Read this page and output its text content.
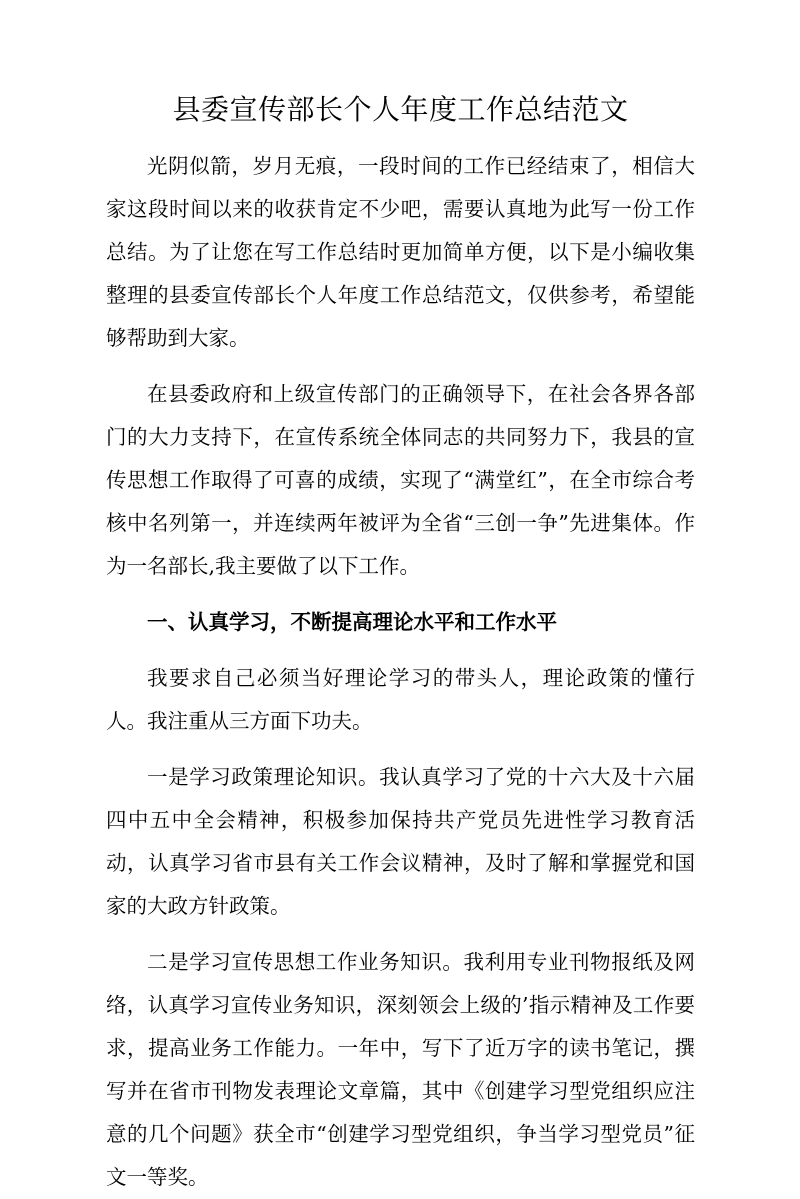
县委宣传部长个人年度工作总结范文

光阴似箭，岁月无痕，一段时间的工作已经结束了，相信大家这段时间以来的收获肯定不少吧，需要认真地为此写一份工作总结。为了让您在写工作总结时更加简单方便，以下是小编收集整理的县委宣传部长个人年度工作总结范文，仅供参考，希望能够帮助到大家。

在县委政府和上级宣传部门的正确领导下，在社会各界各部门的大力支持下，在宣传系统全体同志的共同努力下，我县的宣传思想工作取得了可喜的成绩，实现了“满堂红”，在全市综合考核中名列第一，并连续两年被评为全省“三创一争”先进集体。作为一名部长,我主要做了以下工作。

一、认真学习，不断提高理论水平和工作水平

我要求自己必须当好理论学习的带头人，理论政策的懂行人。我注重从三方面下功夫。

一是学习政策理论知识。我认真学习了党的十六大及十六届四中五中全会精神，积极参加保持共产党员先进性学习教育活动，认真学习省市县有关工作会议精神，及时了解和掌握党和国家的大政方针政策。

二是学习宣传思想工作业务知识。我利用专业刊物报纸及网络，认真学习宣传业务知识，深刻领会上级的’指示精神及工作要求，提高业务工作能力。一年中，写下了近万字的读书笔记，撰写并在省市刊物发表理论文章篇，其中《创建学习型党组织应注意的几个问题》获全市“创建学习型党组织，争当学习型党员”征文一等奖。
